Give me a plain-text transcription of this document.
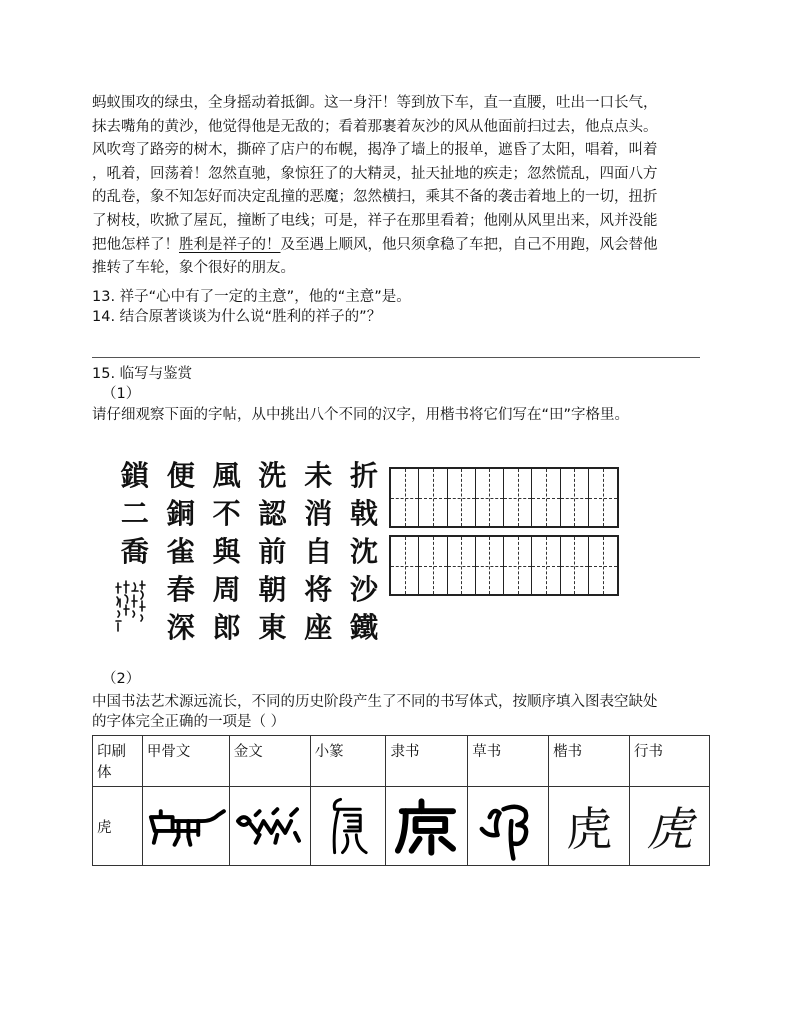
蚂蚁围攻的绿虫，全身摇动着抵御。这一身汗！等到放下车，直一直腰，吐出一口长气，

抹去嘴角的黄沙，他觉得他是无敌的；看着那裹着灰沙的风从他面前扫过去，他点点头。

风吹弯了路旁的树木，撕碎了店户的布幌，揭净了墙上的报单，遮昏了太阳，唱着，叫着

，吼着，回荡着！忽然直驰，象惊狂了的大精灵，扯天扯地的疾走；忽然慌乱，四面八方

的乱卷，象不知怎好而决定乱撞的恶魔；忽然横扫，乘其不备的袭击着地上的一切，扭折

了树枝，吹掀了屋瓦，撞断了电线；可是，祥子在那里看着；他刚从风里出来，风并没能

把他怎样了！胜利是祥子的！及至遇上顺风，他只须拿稳了车把，自己不用跑，风会替他

推转了车轮，象个很好的朋友。

13. 祥子“心中有了一定的主意”，他的“主意”是。
14. 结合原著谈谈为什么说“胜利的祥子的”？
15. 临写与鉴赏
（1）
请仔细观察下面的字帖，从中挑出八个不同的汉字，用楷书将它们写在“田”字格里。
鎖 便 風 洗 未 折
二 銅 不 認 消 戟
喬 雀 與 前 自 沈
春 周 朝 将 沙
深 郎 東 座 鐵
（2）
中国书法艺术源远流长，不同的历史阶段产生了不同的书写体式，按顺序填入图表空缺处
的字体完全正确的一项是（ ）
印刷体	甲骨文	金文	小篆	隶书	草书	楷书	行书
虎						虎	虎
